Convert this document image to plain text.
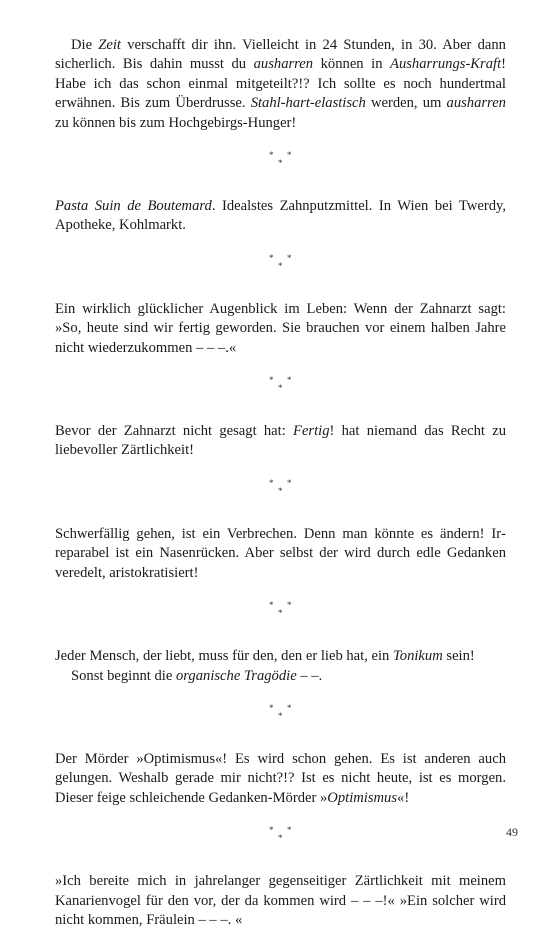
Die Zeit verschafft dir ihn. Vielleicht in 24 Stunden, in 30. Aber dann sicherlich. Bis dahin musst du ausharren können in Ausharrungs-Kraft! Habe ich das schon einmal mitgeteilt?!? Ich sollte es noch hundertmal erwähnen. Bis zum Überdrusse. Stahl-hart-elastisch werden, um ausharren zu können bis zum Hochgebirgs-Hunger!

* *
*

Pasta Suin de Boutemard. Idealstes Zahnputzmittel. In Wien bei Twerdy, Apotheke, Kohlmarkt.

* *
*

Ein wirklich glücklicher Augenblick im Leben: Wenn der Zahnarzt sagt: »So, heute sind wir fertig geworden. Sie brauchen vor einem halben Jahre nicht wiederzukommen – – –.«

* *
*

Bevor der Zahnarzt nicht gesagt hat: Fertig! hat niemand das Recht zu liebevoller Zärtlichkeit!

* *
*

Schwerfällig gehen, ist ein Verbrechen. Denn man könnte es ändern! Irreparabel ist ein Nasenrücken. Aber selbst der wird durch edle Gedanken veredelt, aristokratisiert!

* *
*

Jeder Mensch, der liebt, muss für den, den er lieb hat, ein Tonikum sein!
Sonst beginnt die organische Tragödie – –.

* *
*

Der Mörder »Optimismus«! Es wird schon gehen. Es ist anderen auch gelungen. Weshalb gerade mir nicht?!? Ist es nicht heute, ist es morgen. Dieser feige schleichende Gedanken-Mörder »Optimismus«!

* *
*

»Ich bereite mich in jahrelanger gegenseitiger Zärtlichkeit mit meinem Kanarienvogel für den vor, der da kommen wird – – –!« »Ein solcher wird nicht kommen, Fräulein – – –. «

49
